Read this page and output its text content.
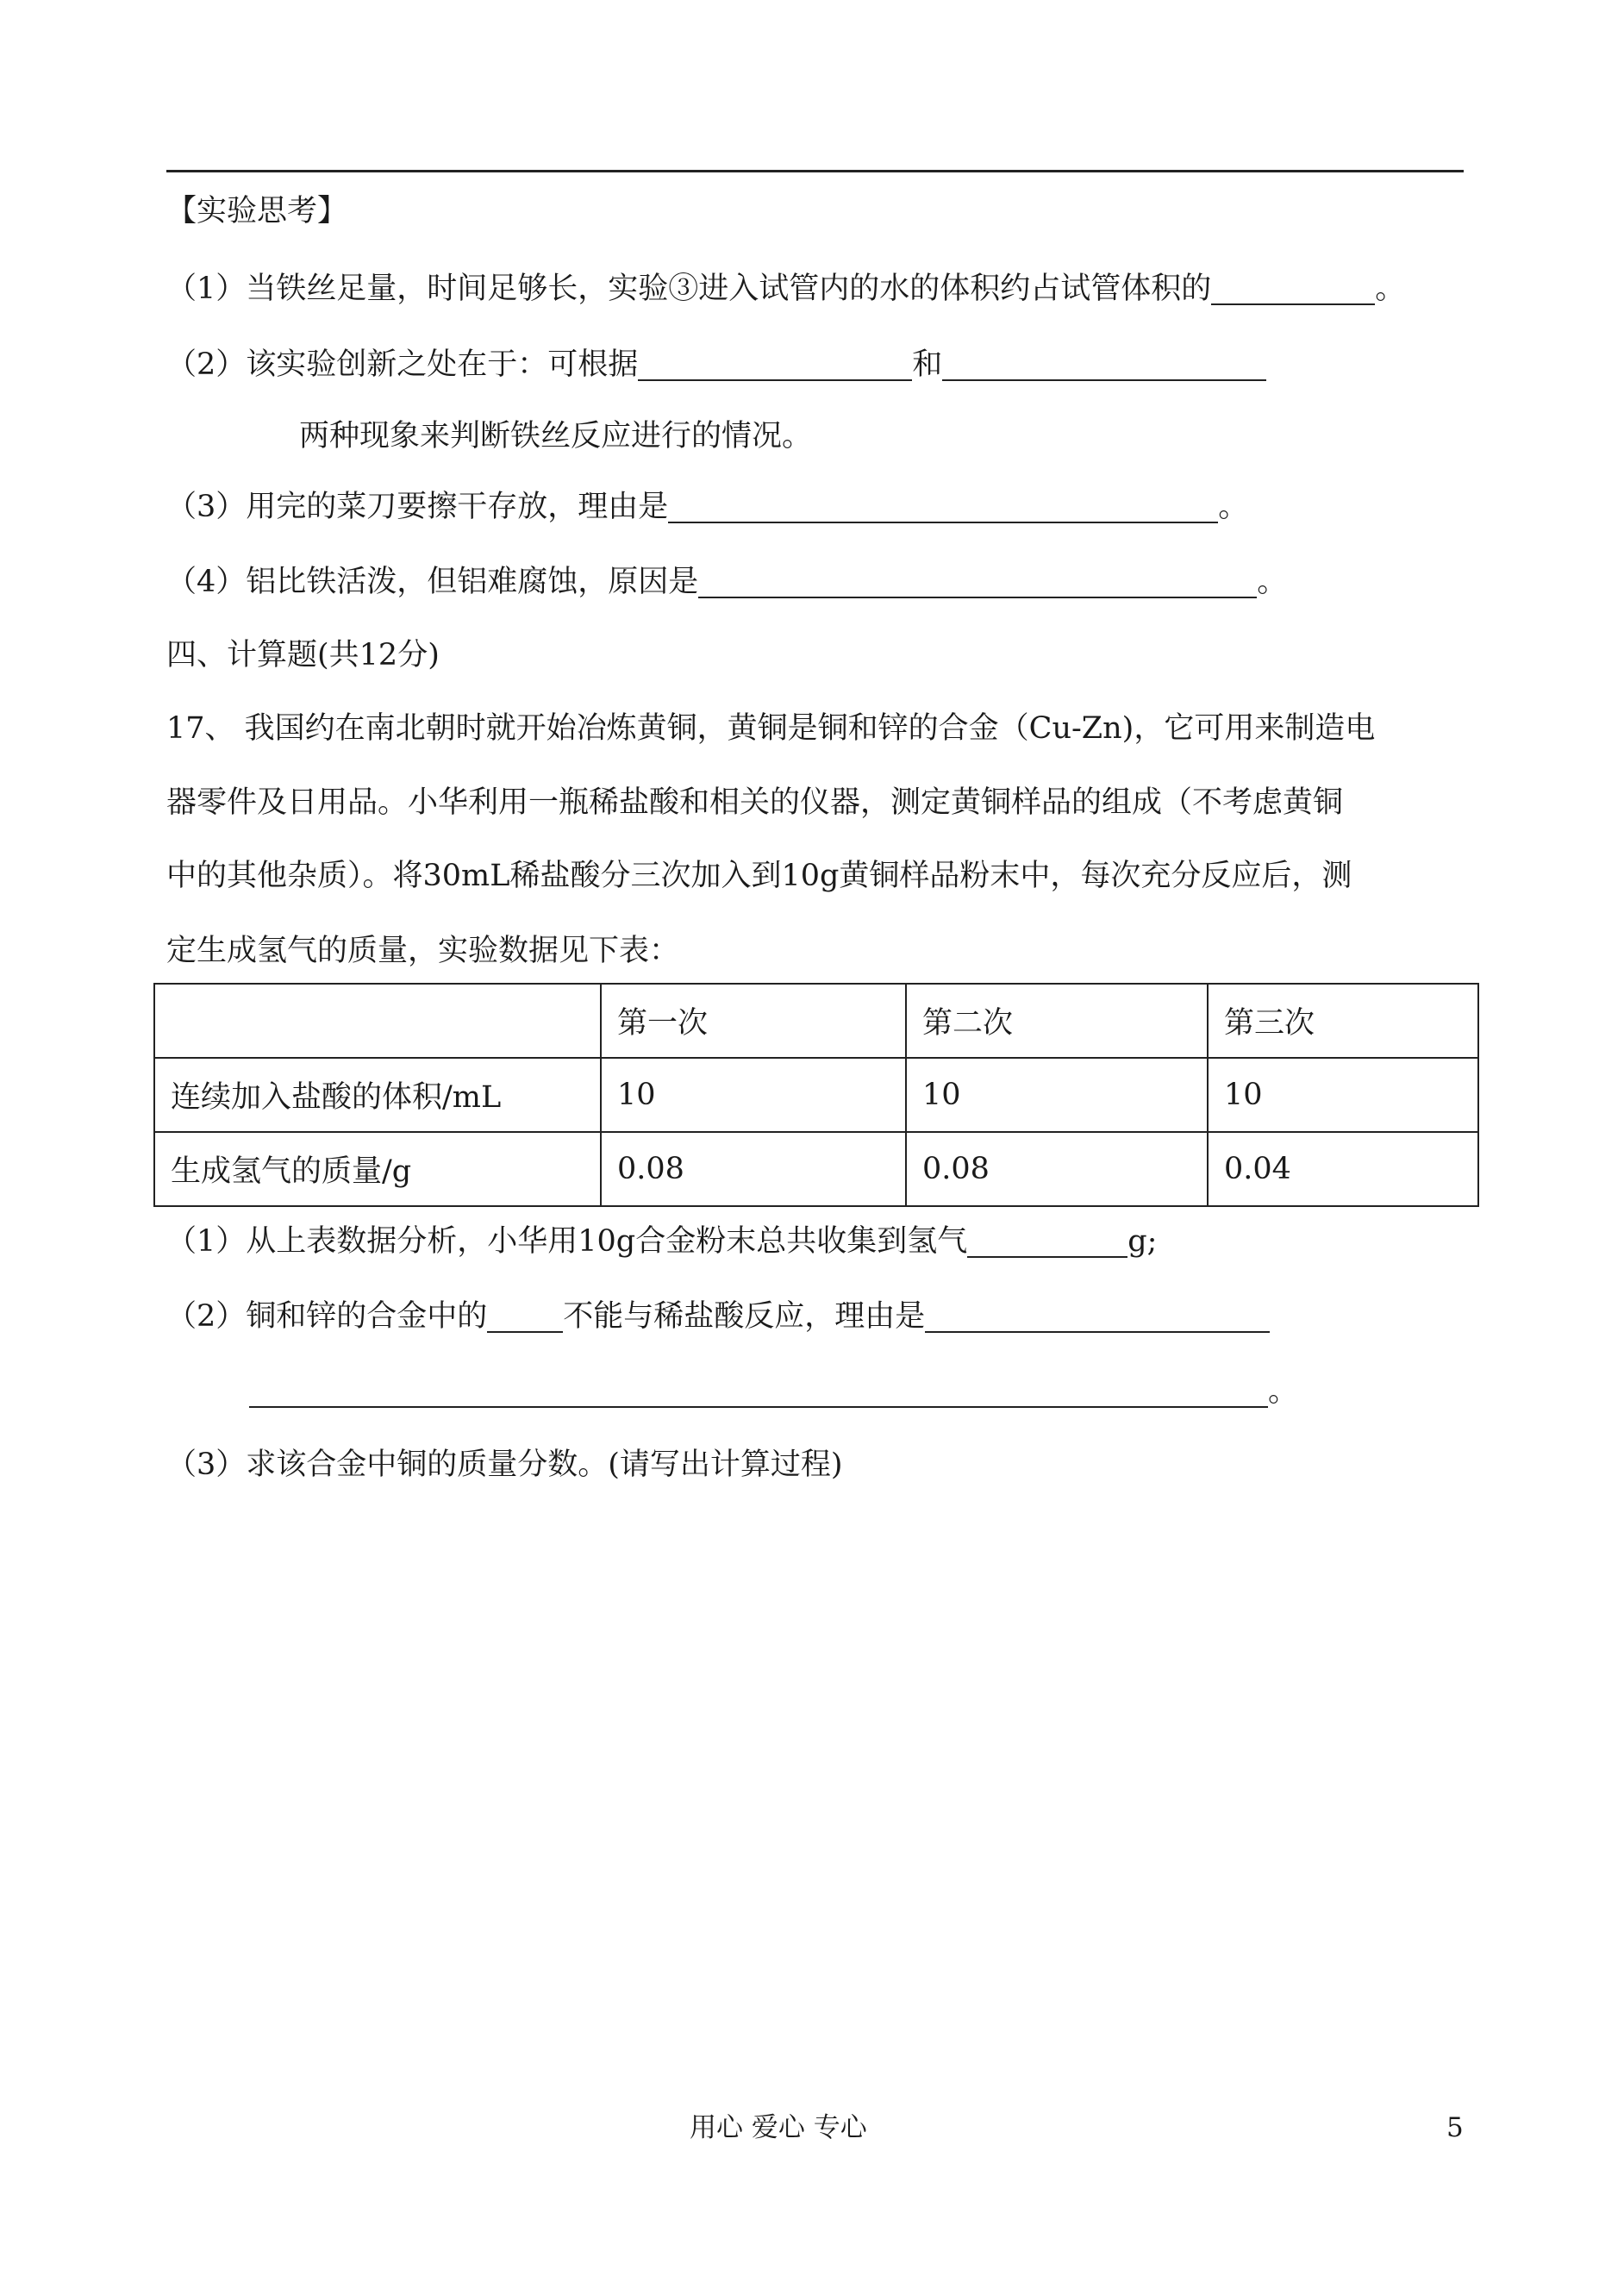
【实验思考】
（1）当铁丝足量，时间足够长，实验③进入试管内的水的体积约占试管体积的	。
（2）该实验创新之处在于：可根据	和
两种现象来判断铁丝反应进行的情况。
（3）用完的菜刀要擦干存放，理由是	。
（4）铝比铁活泼，但铝难腐蚀，原因是	。
四、计算题(共12分)
17、 我国约在南北朝时就开始冶炼黄铜，黄铜是铜和锌的合金（Cu-Zn)，它可用来制造电
器零件及日用品。小华利用一瓶稀盐酸和相关的仪器，测定黄铜样品的组成（不考虑黄铜
中的其他杂质）。将30mL稀盐酸分三次加入到10g黄铜样品粉末中，每次充分反应后，测
定生成氢气的质量，实验数据见下表：
	第一次	第二次	第三次
连续加入盐酸的体积/mL	10	10	10
生成氢气的质量/g	0.08	0.08	0.04
（1）从上表数据分析，小华用10g合金粉末总共收集到氢气	g;
（2）铜和锌的合金中的	不能与稀盐酸反应，理由是
。
（3）求该合金中铜的质量分数。(请写出计算过程)
用心 爱心 专心	5
